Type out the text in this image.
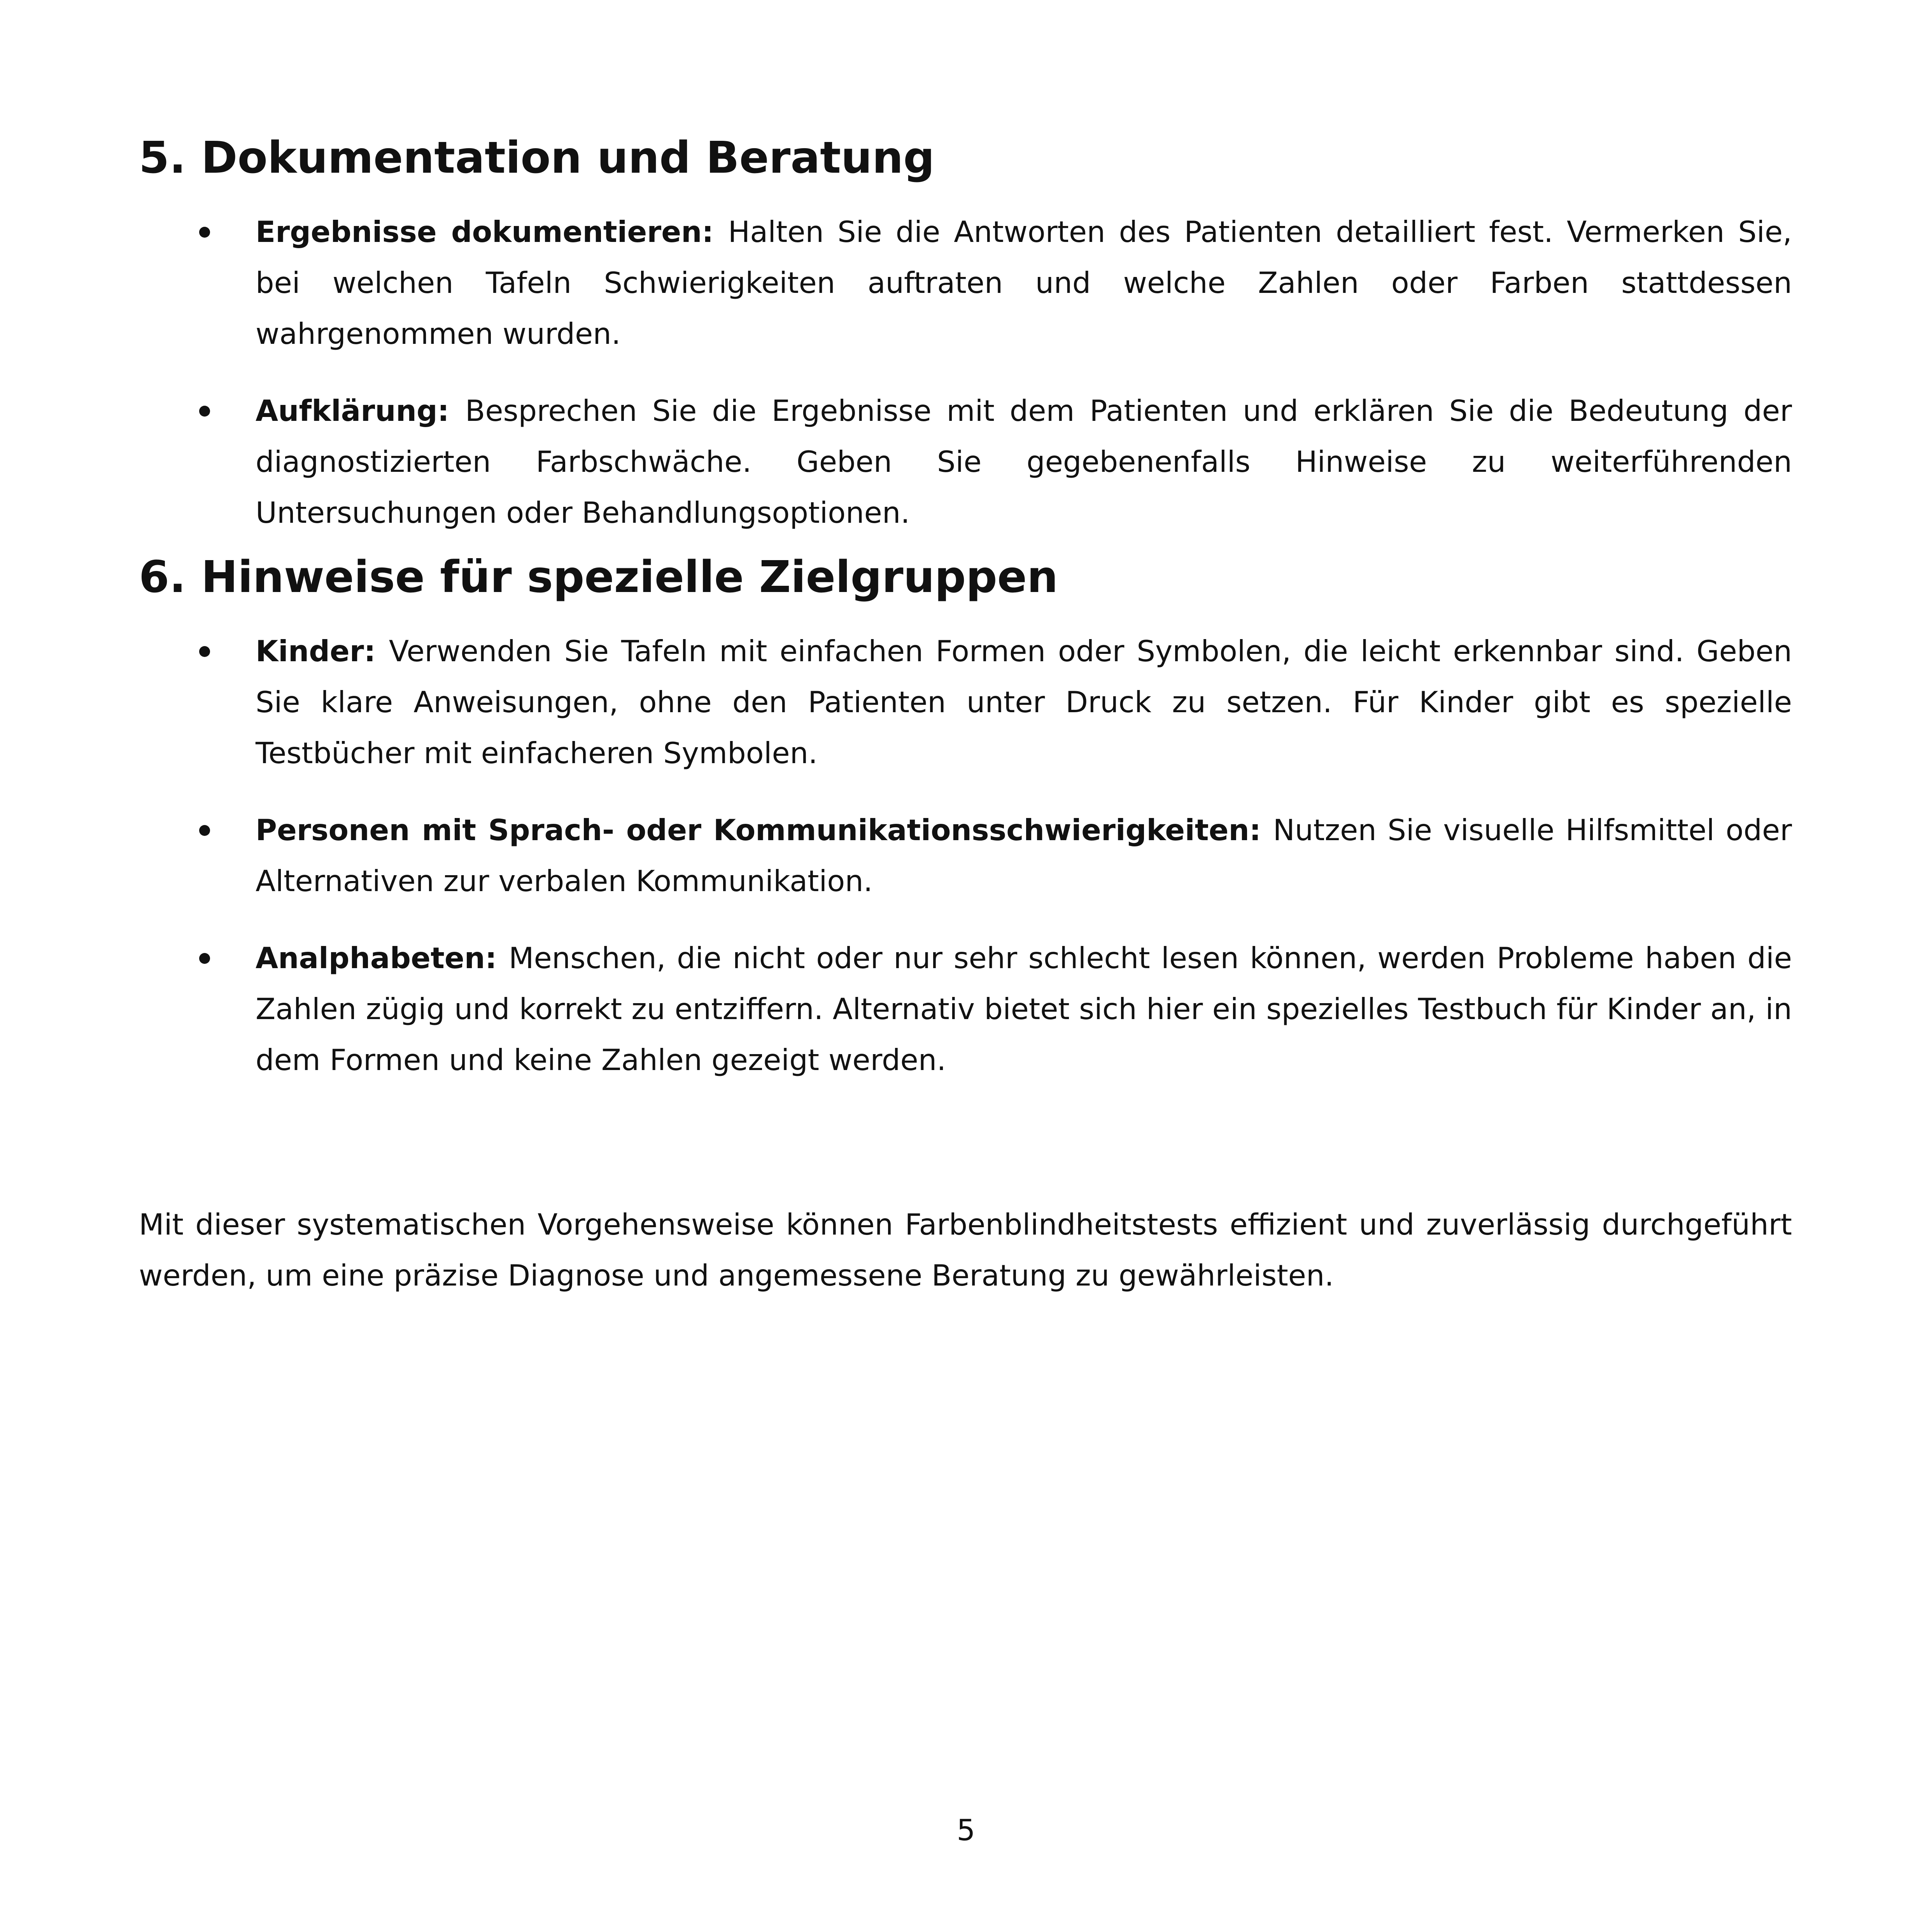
5. Dokumentation und Beratung
Ergebnisse dokumentieren: Halten Sie die Antworten des Patienten detailliert fest. Vermerken Sie, bei welchen Tafeln Schwierigkeiten auftraten und welche Zahlen oder Farben stattdessen wahrgenommen wurden.
Aufklärung: Besprechen Sie die Ergebnisse mit dem Patienten und erklären Sie die Bedeutung der diagnostizierten Farbschwäche. Geben Sie gegebenenfalls Hinweise zu weiterführenden Untersuchungen oder Behandlungsoptionen.
6. Hinweise für spezielle Zielgruppen
Kinder: Verwenden Sie Tafeln mit einfachen Formen oder Symbolen, die leicht erkennbar sind. Geben Sie klare Anweisungen, ohne den Patienten unter Druck zu setzen. Für Kinder gibt es spezielle Testbücher mit einfacheren Symbolen.
Personen mit Sprach- oder Kommunikationsschwierigkeiten: Nutzen Sie visuelle Hilfsmittel oder Alternativen zur verbalen Kommunikation.
Analphabeten: Menschen, die nicht oder nur sehr schlecht lesen können, werden Probleme haben die Zahlen zügig und korrekt zu entziffern. Alternativ bietet sich hier ein spezielles Testbuch für Kinder an, in dem Formen und keine Zahlen gezeigt werden.

Mit dieser systematischen Vorgehensweise können Farbenblindheitstests effizient und zuverlässig durchgeführt werden, um eine präzise Diagnose und angemessene Beratung zu gewährleisten.

5
